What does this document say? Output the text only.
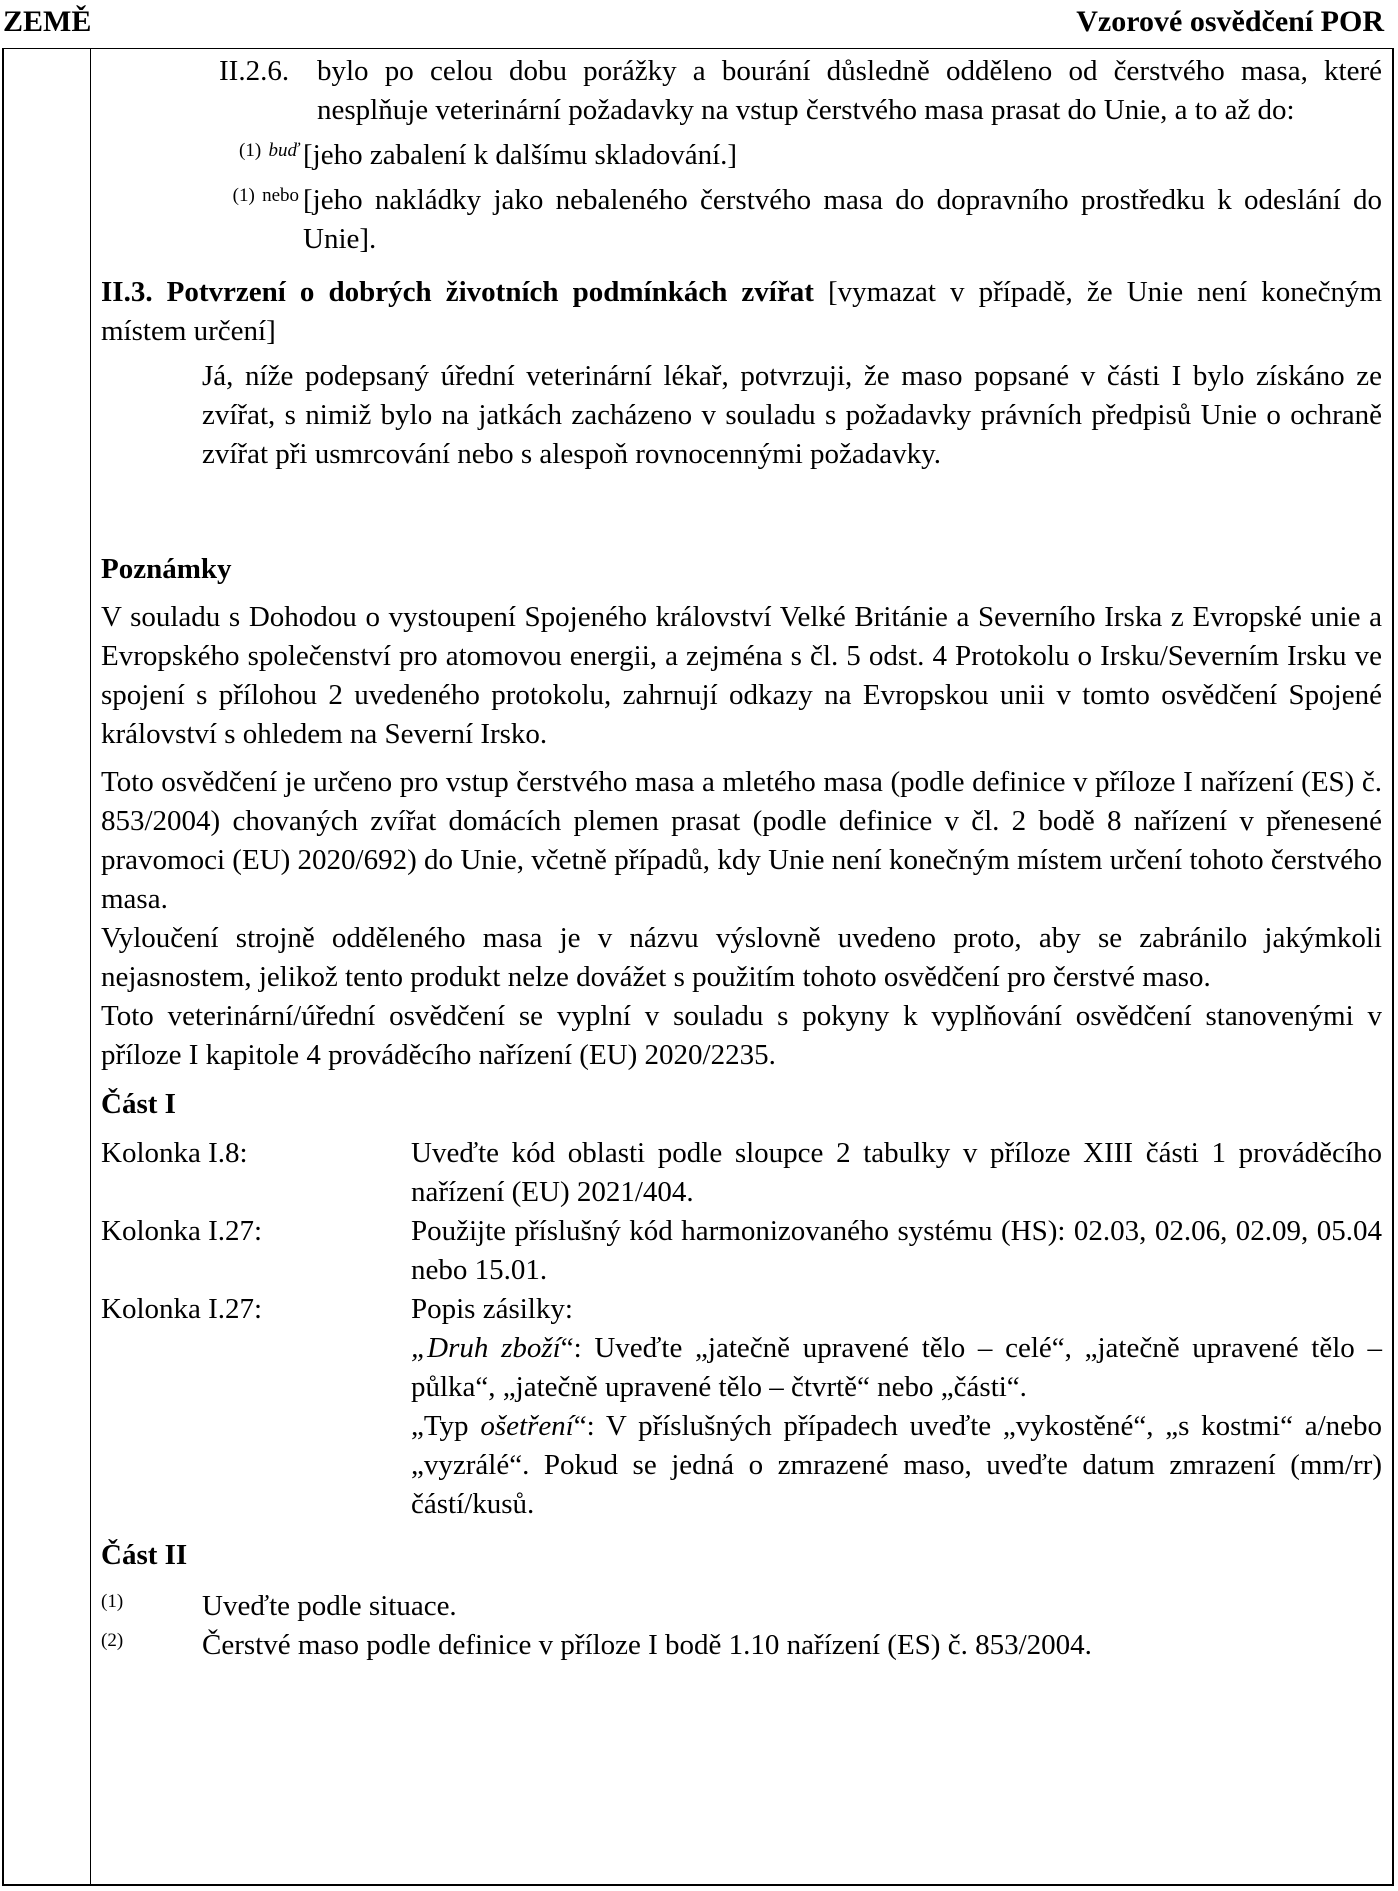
ZEMĚ	Vzorové osvědčení POR
II.2.6. bylo po celou dobu porážky a bourání důsledně odděleno od čerstvého masa, které nesplňuje veterinární požadavky na vstup čerstvého masa prasat do Unie, a to až do:
$^{(1)}$ $^{buď}$ [jeho zabalení k dalšímu skladování.]
$^{(1)}$ $^{nebo}$ [jeho nakládky jako nebaleného čerstvého masa do dopravního prostředku k odeslání do Unie].

II.3. Potvrzení o dobrých životních podmínkách zvířat [vymazat v případě, že Unie není konečným místem určení]

Já, níže podepsaný úřední veterinární lékař, potvrzuji, že maso popsané v části I bylo získáno ze zvířat, s nimiž bylo na jatkách zacházeno v souladu s požadavky právních předpisů Unie o ochraně zvířat při usmrcování nebo s alespoň rovnocennými požadavky.

Poznámky

V souladu s Dohodou o vystoupení Spojeného království Velké Británie a Severního Irska z Evropské unie a Evropského společenství pro atomovou energii, a zejména s čl. 5 odst. 4 Protokolu o Irsku/Severním Irsku ve spojení s přílohou 2 uvedeného protokolu, zahrnují odkazy na Evropskou unii v tomto osvědčení Spojené království s ohledem na Severní Irsko.

Toto osvědčení je určeno pro vstup čerstvého masa a mletého masa (podle definice v příloze I nařízení (ES) č. 853/2004) chovaných zvířat domácích plemen prasat (podle definice v čl. 2 bodě 8 nařízení v přenesené pravomoci (EU) 2020/692) do Unie, včetně případů, kdy Unie není konečným místem určení tohoto čerstvého masa.

Vyloučení strojně odděleného masa je v názvu výslovně uvedeno proto, aby se zabránilo jakýmkoli nejasnostem, jelikož tento produkt nelze dovážet s použitím tohoto osvědčení pro čerstvé maso.

Toto veterinární/úřední osvědčení se vyplní v souladu s pokyny k vyplňování osvědčení stanovenými v příloze I kapitole 4 prováděcího nařízení (EU) 2020/2235.

Část I

Kolonka I.8:	Uveďte kód oblasti podle sloupce 2 tabulky v příloze XIII části 1 prováděcího nařízení (EU) 2021/404.
Kolonka I.27:	Použijte příslušný kód harmonizovaného systému (HS): 02.03, 02.06, 02.09, 05.04 nebo 15.01.
Kolonka I.27:	Popis zásilky:

„Druh zboží“: Uveďte „jatečně upravené tělo – celé“, „jatečně upravené tělo – půlka“, „jatečně upravené tělo – čtvrtě“ nebo „části“.

„Typ ošetření“: V příslušných případech uveďte „vykostěné“, „s kostmi“ a/nebo „vyzrálé“. Pokud se jedná o zmrazené maso, uveďte datum zmrazení (mm/rr) částí/kusů.

Část II

(1)	Uveďte podle situace.
(2)	Čerstvé maso podle definice v příloze I bodě 1.10 nařízení (ES) č. 853/2004.
